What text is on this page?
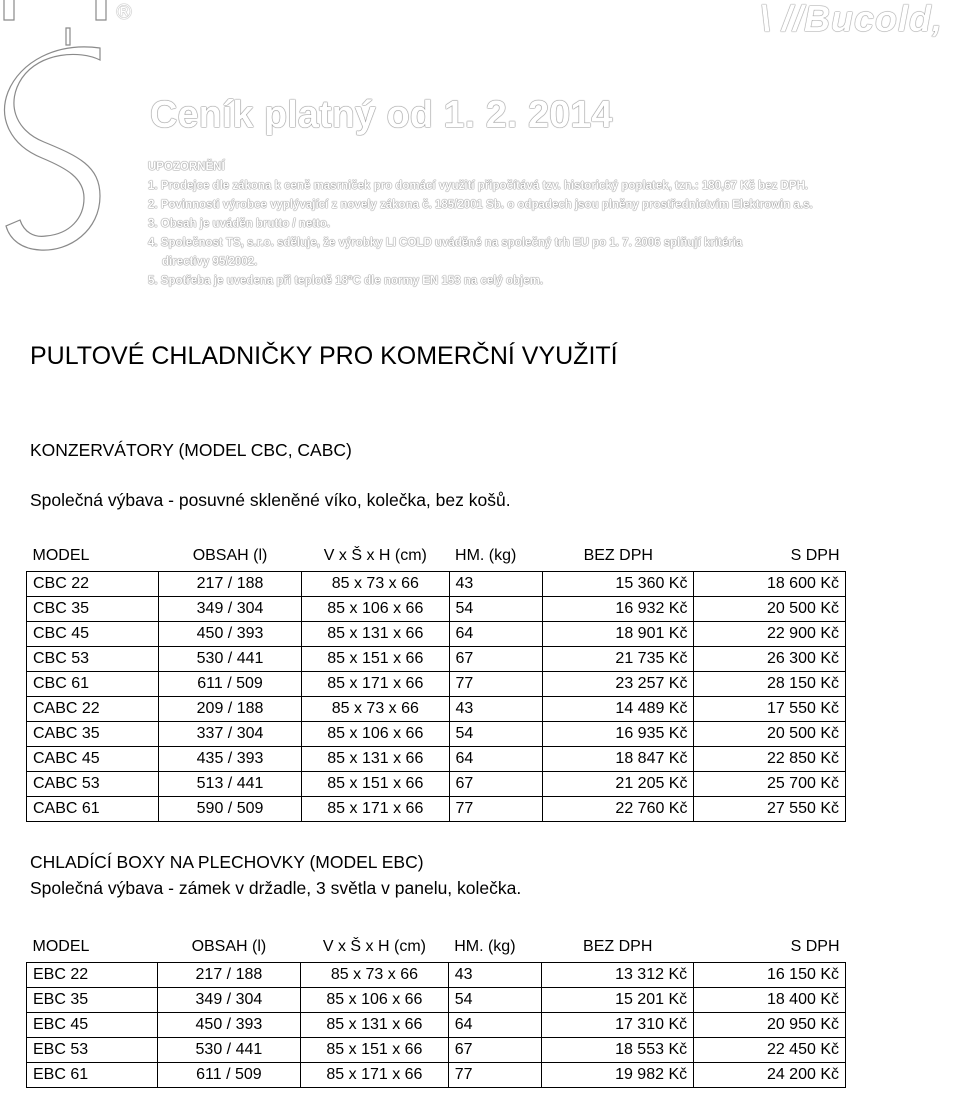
®	\ //Bucold,
Ceník platný od 1. 2. 2014
UPOZORNĚNÍ
1. Prodejce dle zákona k ceně masrniček pro domácí využití připočítává tzv. historický poplatek, tzn.: 180,67 Kč bez DPH.
2. Povinnosti výrobce vyplývající z novely zákona č. 185/2001 Sb. o odpadech jsou plněny prostřednictvím Elektrowin a.s.
3. Obsah je uváděn brutto / netto.
4. Společnost TS, s.r.o. sděluje, že výrobky LI COLD uváděné na společný trh EU po 1. 7. 2006 splňují kritéria
directivy 95/2002.
5. Spotřeba je uvedena při teplotě 18°C dle normy EN 153 na celý objem.
PULTOVÉ CHLADNIČKY PRO KOMERČNÍ VYUŽITÍ
KONZERVÁTORY (MODEL CBC, CABC)
Společná výbava - posuvné skleněné víko, kolečka, bez košů.
MODEL	OBSAH (l)	V x Š x H (cm)	HM. (kg)	BEZ DPH	S DPH
CBC 22	217 / 188	85 x 73 x 66	43	15 360 Kč	18 600 Kč
CBC 35	349 / 304	85 x 106 x 66	54	16 932 Kč	20 500 Kč
CBC 45	450 / 393	85 x 131 x 66	64	18 901 Kč	22 900 Kč
CBC 53	530 / 441	85 x 151 x 66	67	21 735 Kč	26 300 Kč
CBC 61	611 / 509	85 x 171 x 66	77	23 257 Kč	28 150 Kč
CABC 22	209 / 188	85 x 73 x 66	43	14 489 Kč	17 550 Kč
CABC 35	337 / 304	85 x 106 x 66	54	16 935 Kč	20 500 Kč
CABC 45	435 / 393	85 x 131 x 66	64	18 847 Kč	22 850 Kč
CABC 53	513 / 441	85 x 151 x 66	67	21 205 Kč	25 700 Kč
CABC 61	590 / 509	85 x 171 x 66	77	22 760 Kč	27 550 Kč
CHLADÍCÍ BOXY NA PLECHOVKY (MODEL EBC)
Společná výbava - zámek v držadle, 3 světla v panelu, kolečka.
MODEL	OBSAH (l)	V x Š x H (cm)	HM. (kg)	BEZ DPH	S DPH
EBC 22	217 / 188	85 x 73 x 66	43	13 312 Kč	16 150 Kč
EBC 35	349 / 304	85 x 106 x 66	54	15 201 Kč	18 400 Kč
EBC 45	450 / 393	85 x 131 x 66	64	17 310 Kč	20 950 Kč
EBC 53	530 / 441	85 x 151 x 66	67	18 553 Kč	22 450 Kč
EBC 61	611 / 509	85 x 171 x 66	77	19 982 Kč	24 200 Kč
